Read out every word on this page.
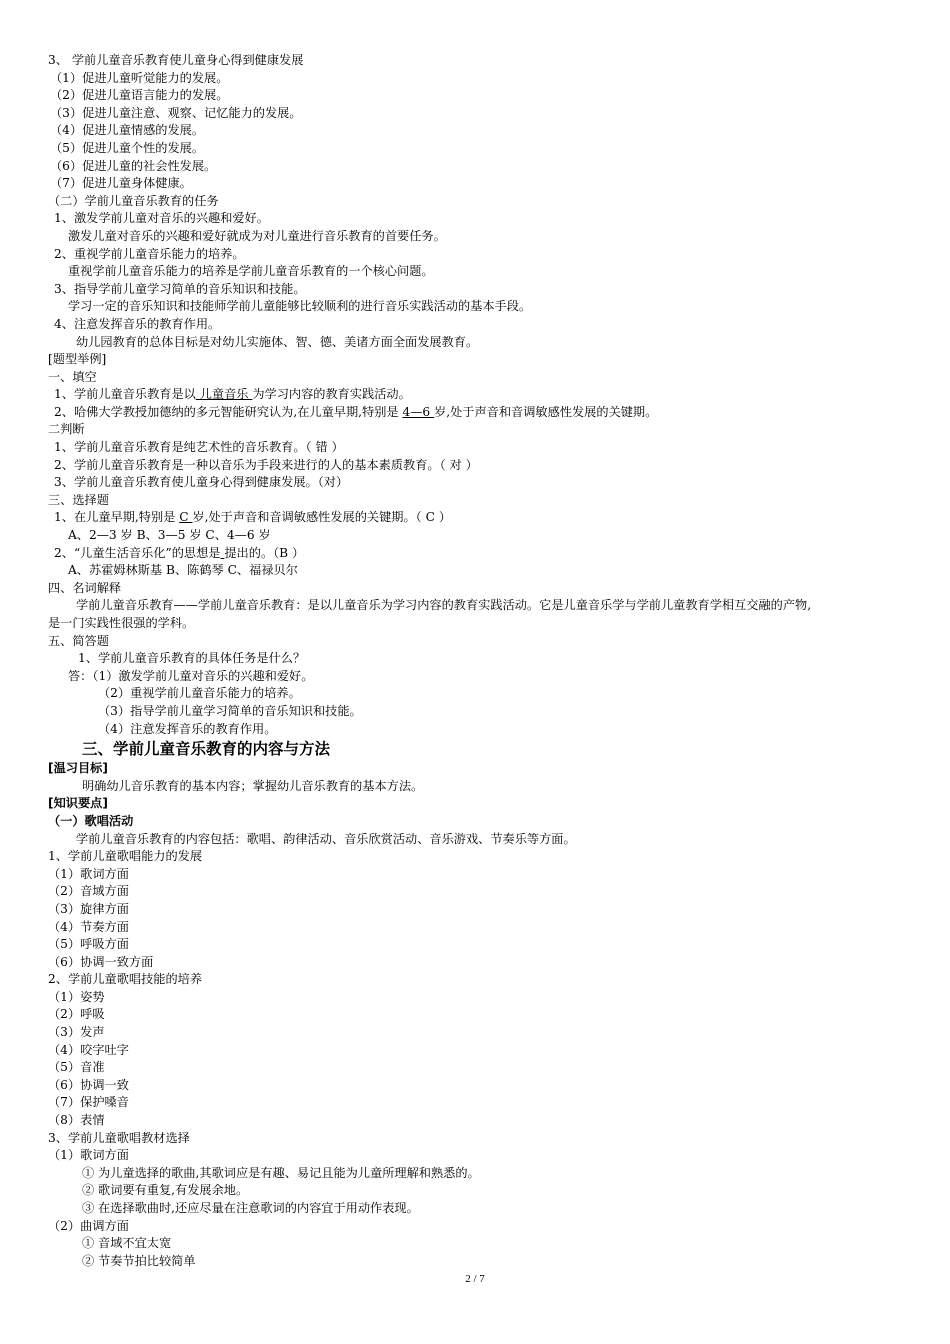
3、 学前儿童音乐教育使儿童身心得到健康发展
（1）促进儿童听觉能力的发展。
（2）促进儿童语言能力的发展。
（3）促进儿童注意、观察、记忆能力的发展。
（4）促进儿童情感的发展。
（5）促进儿童个性的发展。
（6）促进儿童的社会性发展。
（7）促进儿童身体健康。
（二）学前儿童音乐教育的任务
1、激发学前儿童对音乐的兴趣和爱好。
激发儿童对音乐的兴趣和爱好就成为对儿童进行音乐教育的首要任务。
2、重视学前儿童音乐能力的培养。
重视学前儿童音乐能力的培养是学前儿童音乐教育的一个核心问题。
3、指导学前儿童学习简单的音乐知识和技能。
学习一定的音乐知识和技能师学前儿童能够比较顺利的进行音乐实践活动的基本手段。
4、注意发挥音乐的教育作用。
幼儿园教育的总体目标是对幼儿实施体、智、德、美诸方面全面发展教育。
[题型举例]
一、填空
1、学前儿童音乐教育是以 儿童音乐 为学习内容的教育实践活动。
2、哈佛大学教授加德纳的多元智能研究认为,在儿童早期,特别是 4—6 岁,处于声音和音调敏感性发展的关键期。
二判断
1、学前儿童音乐教育是纯艺术性的音乐教育。（ 错 ）
2、学前儿童音乐教育是一种以音乐为手段来进行的人的基本素质教育。（ 对 ）
3、学前儿童音乐教育使儿童身心得到健康发展。（对）
三、选择题
1、在儿童早期,特别是 C 岁,处于声音和音调敏感性发展的关键期。（ C ）
A、2—3 岁 B、3—5 岁 C、4—6 岁
2、“儿童生活音乐化”的思想是 提出的。（B ）
A、苏霍姆林斯基 B、陈鹤琴 C、福禄贝尔
四、名词解释
学前儿童音乐教育——学前儿童音乐教育：是以儿童音乐为学习内容的教育实践活动。它是儿童音乐学与学前儿童教育学相互交融的产物,
是一门实践性很强的学科。
五、简答题
1、学前儿童音乐教育的具体任务是什么？
答：（1）激发学前儿童对音乐的兴趣和爱好。
（2）重视学前儿童音乐能力的培养。
（3）指导学前儿童学习简单的音乐知识和技能。
（4）注意发挥音乐的教育作用。
三、学前儿童音乐教育的内容与方法
[温习目标]
明确幼儿音乐教育的基本内容；掌握幼儿音乐教育的基本方法。
[知识要点]
（一）歌唱活动
学前儿童音乐教育的内容包括：歌唱、韵律活动、音乐欣赏活动、音乐游戏、节奏乐等方面。
1、学前儿童歌唱能力的发展
（1）歌词方面
（2）音域方面
（3）旋律方面
（4）节奏方面
（5）呼吸方面
（6）协调一致方面
2、学前儿童歌唱技能的培养
（1）姿势
（2）呼吸
（3）发声
（4）咬字吐字
（5）音准
（6）协调一致
（7）保护嗓音
（8）表情
3、学前儿童歌唱教材选择
（1）歌词方面
① 为儿童选择的歌曲,其歌词应是有趣、易记且能为儿童所理解和熟悉的。
② 歌词要有重复,有发展余地。
③ 在选择歌曲时,还应尽量在注意歌词的内容宜于用动作表现。
（2）曲调方面
① 音域不宜太宽
② 节奏节拍比较简单
2 / 7
